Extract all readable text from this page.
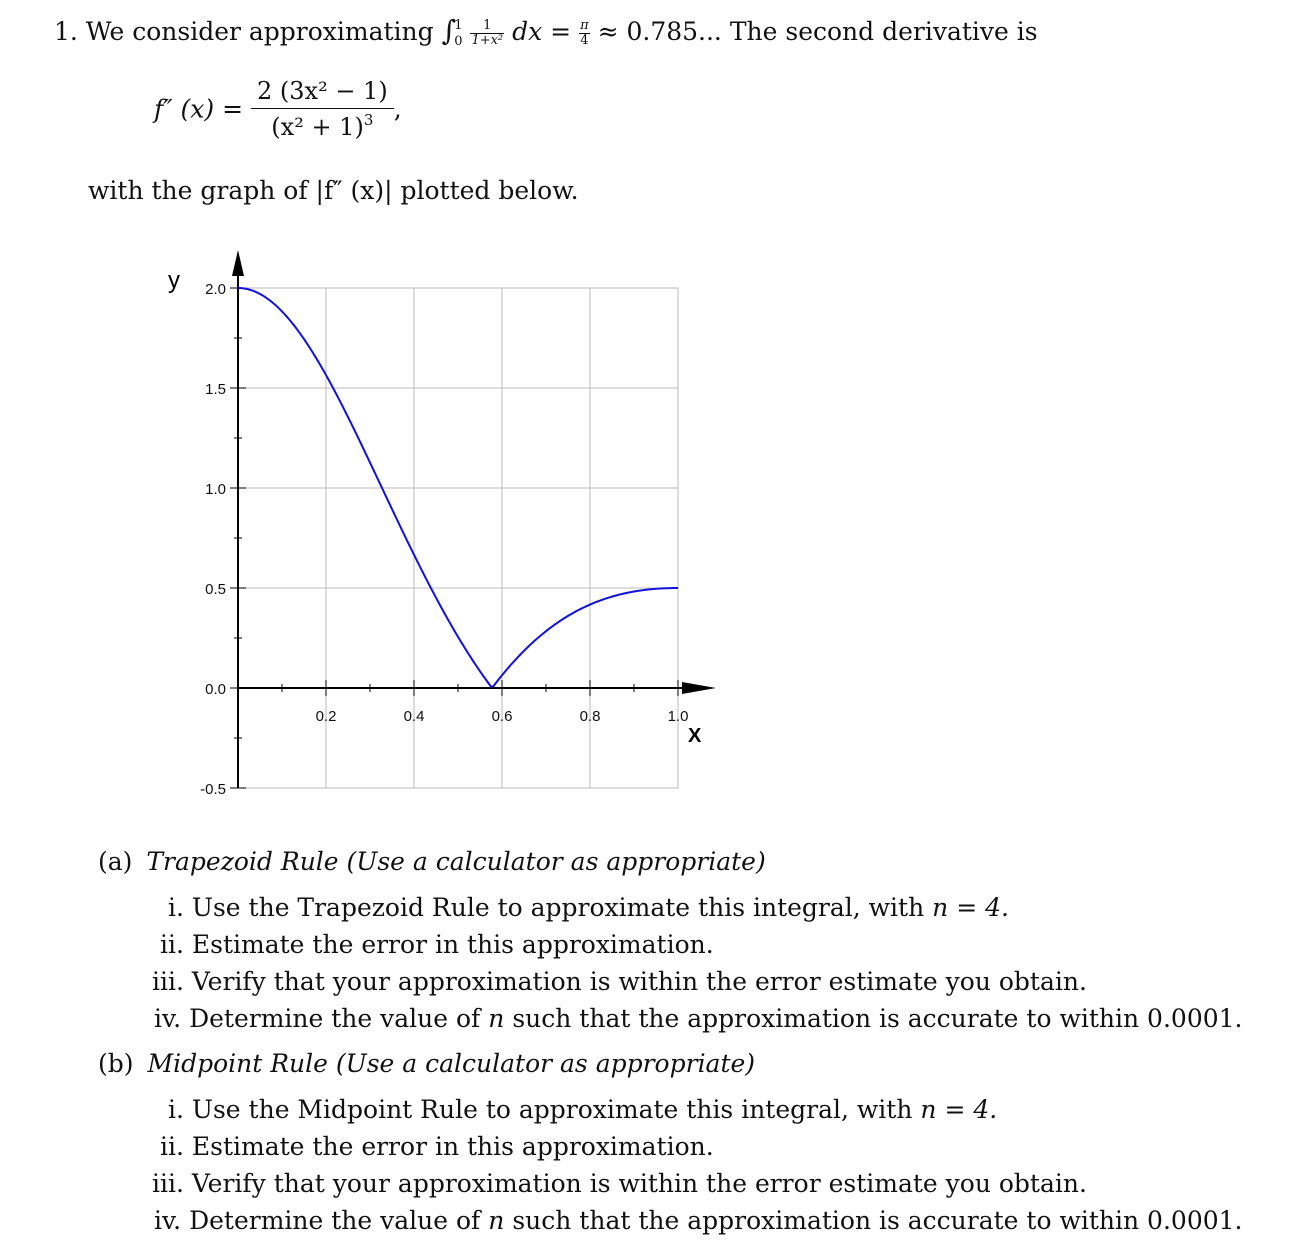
1. We consider approximating ∫
1
0
$\frac{1}{\text{1+x²}}$ dx = $\frac{\pi}{4} \approx 0.785$... The second derivative is
f″ $(x) = \frac{\text{2 (3x² − 1)}}{(x^2 + 1)^3}$ ,
with the graph of |f″ (x)| plotted below.
2.0
1.5
1.0
0.5
0.0
-0.5
0.2	0.4	0.6	0.8	1.0
y
X
(a) Trapezoid Rule (Use a calculator as appropriate)
i. Use the Trapezoid Rule to approximate this integral, with n = 4.
ii. Estimate the error in this approximation.
iii. Verify that your approximation is within the error estimate you obtain.
iv. Determine the value of n such that the approximation is accurate to within 0.0001.
(b) Midpoint Rule (Use a calculator as appropriate)
i. Use the Midpoint Rule to approximate this integral, with n = 4.
ii. Estimate the error in this approximation.
iii. Verify that your approximation is within the error estimate you obtain.
iv. Determine the value of n such that the approximation is accurate to within 0.0001.
